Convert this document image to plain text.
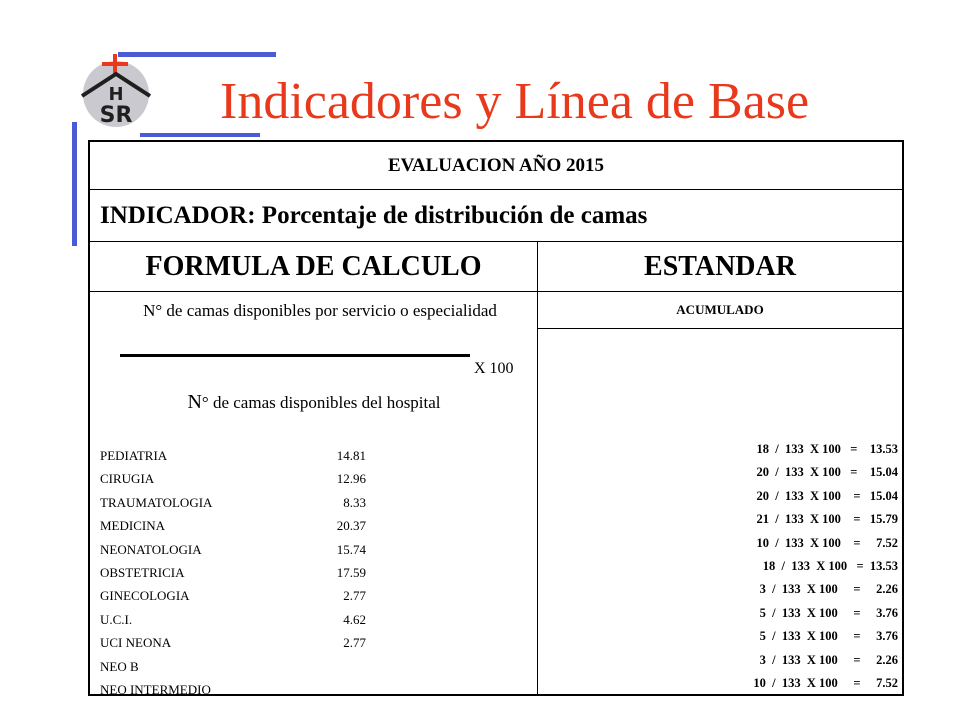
H
SR Indicadores y Línea de Base
EVALUACION AÑO 2015
INDICADOR: Porcentaje de distribución de camas
FORMULA DE CALCULO	ESTANDAR
N° de camas disponibles por servicio o especialidad
X 100
N° de camas disponibles del hospital
PEDIATRIA	14.81
CIRUGIA	12.96
TRAUMATOLOGIA	8.33
MEDICINA	20.37
NEONATOLOGIA	15.74
OBSTETRICIA	17.59
GINECOLOGIA	2.77
U.C.I.	4.62
UCI NEONA	2.77
NEO B
NEO INTERMEDIO
ACUMULADO
18  /  133  X 100   =    13.53
20  /  133  X 100   =    15.04
20  /  133  X 100    =   15.04
21  /  133  X 100    =   15.79
10  /  133  X 100    =     7.52
18  /  133  X 100   =  13.53
3  /  133  X 100     =     2.26
5  /  133  X 100     =     3.76
5  /  133  X 100     =     3.76
3  /  133  X 100     =     2.26
10  /  133  X 100     =     7.52
